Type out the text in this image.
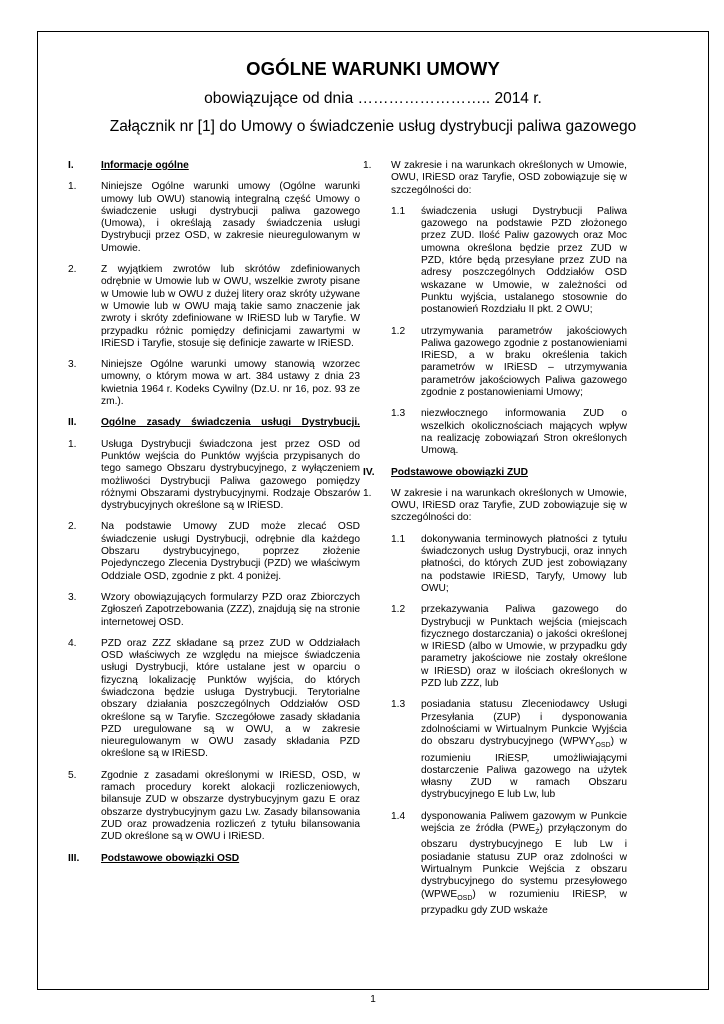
OGÓLNE WARUNKI UMOWY
obowiązujące od dnia …………………….. 2014 r.
Załącznik nr [1] do Umowy o świadczenie usług dystrybucji paliwa gazowego
I.	Informacje ogólne
1.	Niniejsze Ogólne warunki umowy (Ogólne warunki umowy lub OWU) stanowią integralną część Umowy o świadczenie usługi dystrybucji paliwa gazowego (Umowa), i określają zasady świadczenia usługi Dystrybucji przez OSD, w zakresie nieuregulowanym w Umowie.
2.	Z wyjątkiem zwrotów lub skrótów zdefiniowanych odrębnie w Umowie lub w OWU, wszelkie zwroty pisane w Umowie lub w OWU z dużej litery oraz skróty używane w Umowie lub w OWU mają takie samo znaczenie jak zwroty i skróty zdefiniowane w IRiESD lub w Taryfie. W przypadku różnic pomiędzy definicjami zawartymi w IRiESD i Taryfie, stosuje się definicje zawarte w IRiESD.
3.	Niniejsze Ogólne warunki umowy stanowią wzorzec umowny, o którym mowa w art. 384 ustawy z dnia 23 kwietnia 1964 r. Kodeks Cywilny (Dz.U. nr 16, poz. 93 ze zm.).
II.	Ogólne zasady świadczenia usługi Dystrybucji.
1.	Usługa Dystrybucji świadczona jest przez OSD od Punktów wejścia do Punktów wyjścia przypisanych do tego samego Obszaru dystrybucyjnego, z wyłączeniem możliwości Dystrybucji Paliwa gazowego pomiędzy różnymi Obszarami dystrybucyjnymi. Rodzaje Obszarów dystrybucyjnych określone są w IRiESD.
2.	Na podstawie Umowy ZUD może zlecać OSD świadczenie usługi Dystrybucji, odrębnie dla każdego Obszaru dystrybucyjnego, poprzez złożenie Pojedynczego Zlecenia Dystrybucji (PZD) we właściwym Oddziale OSD, zgodnie z pkt. 4 poniżej.
3.	Wzory obowiązujących formularzy PZD oraz Zbiorczych Zgłoszeń Zapotrzebowania (ZZZ), znajdują się na stronie internetowej OSD.
4.	PZD oraz ZZZ składane są przez ZUD w Oddziałach OSD właściwych ze względu na miejsce świadczenia usługi Dystrybucji, które ustalane jest w oparciu o fizyczną lokalizację Punktów wyjścia, do których świadczona będzie usługa Dystrybucji. Terytorialne obszary działania poszczególnych Oddziałów OSD określone są w Taryfie. Szczegółowe zasady składania PZD uregulowane są w OWU, a w zakresie nieuregulowanym w OWU zasady składania PZD określone są w IRiESD.
5.	Zgodnie z zasadami określonymi w IRiESD, OSD, w ramach procedury korekt alokacji rozliczeniowych, bilansuje ZUD w obszarze dystrybucyjnym gazu E oraz obszarze dystrybucyjnym gazu Lw. Zasady bilansowania ZUD oraz prowadzenia rozliczeń z tytułu bilansowania ZUD określone są w OWU i IRiESD.
III.	Podstawowe obowiązki OSD
1.	W zakresie i na warunkach określonych w Umowie, OWU, IRiESD oraz Taryfie, OSD zobowiązuje się w szczególności do:
1.1	świadczenia usługi Dystrybucji Paliwa gazowego na podstawie PZD złożonego przez ZUD. Ilość Paliw gazowych oraz Moc umowna określona będzie przez ZUD w PZD, które będą przesyłane przez ZUD na adresy poszczególnych Oddziałów OSD wskazane w Umowie, w zależności od Punktu wyjścia, ustalanego stosownie do postanowień Rozdziału II pkt. 2 OWU;
1.2	utrzymywania parametrów jakościowych Paliwa gazowego zgodnie z postanowieniami IRiESD, a w braku określenia takich parametrów w IRiESD – utrzymywania parametrów jakościowych Paliwa gazowego zgodnie z postanowieniami Umowy;
1.3	niezwłocznego informowania ZUD o wszelkich okolicznościach mających wpływ na realizację zobowiązań Stron określonych Umową.
IV.	Podstawowe obowiązki ZUD
1.	W zakresie i na warunkach określonych w Umowie, OWU, IRiESD oraz Taryfie, ZUD zobowiązuje się w szczególności do:
1.1	dokonywania terminowych płatności z tytułu świadczonych usług Dystrybucji, oraz innych płatności, do których ZUD jest zobowiązany na podstawie IRiESD, Taryfy, Umowy lub OWU;
1.2	przekazywania Paliwa gazowego do Dystrybucji w Punktach wejścia (miejscach fizycznego dostarczania) o jakości określonej w IRiESD (albo w Umowie, w przypadku gdy parametry jakościowe nie zostały określone w IRiESD) oraz w ilościach określonych w PZD lub ZZZ, lub
1.3	posiadania statusu Zleceniodawcy Usługi Przesyłania (ZUP) i dysponowania zdolnościami w Wirtualnym Punkcie Wyjścia do obszaru dystrybucyjnego $(WPWY_{OSD})$ w rozumieniu IRiESP, umożliwiającymi dostarczenie Paliwa gazowego na użytek własny ZUD w ramach Obszaru dystrybucyjnego E lub Lw, lub
1.4	dysponowania Paliwem gazowym w Punkcie wejścia ze źródła $(PWE_Ź)$ przyłączonym do obszaru dystrybucyjnego E lub Lw i posiadanie statusu ZUP oraz zdolności w Wirtualnym Punkcie Wejścia z obszaru dystrybucyjnego do systemu przesyłowego $(WPWE_{OSD})$ w rozumieniu IRiESP, w przypadku gdy ZUD wskaże
1
